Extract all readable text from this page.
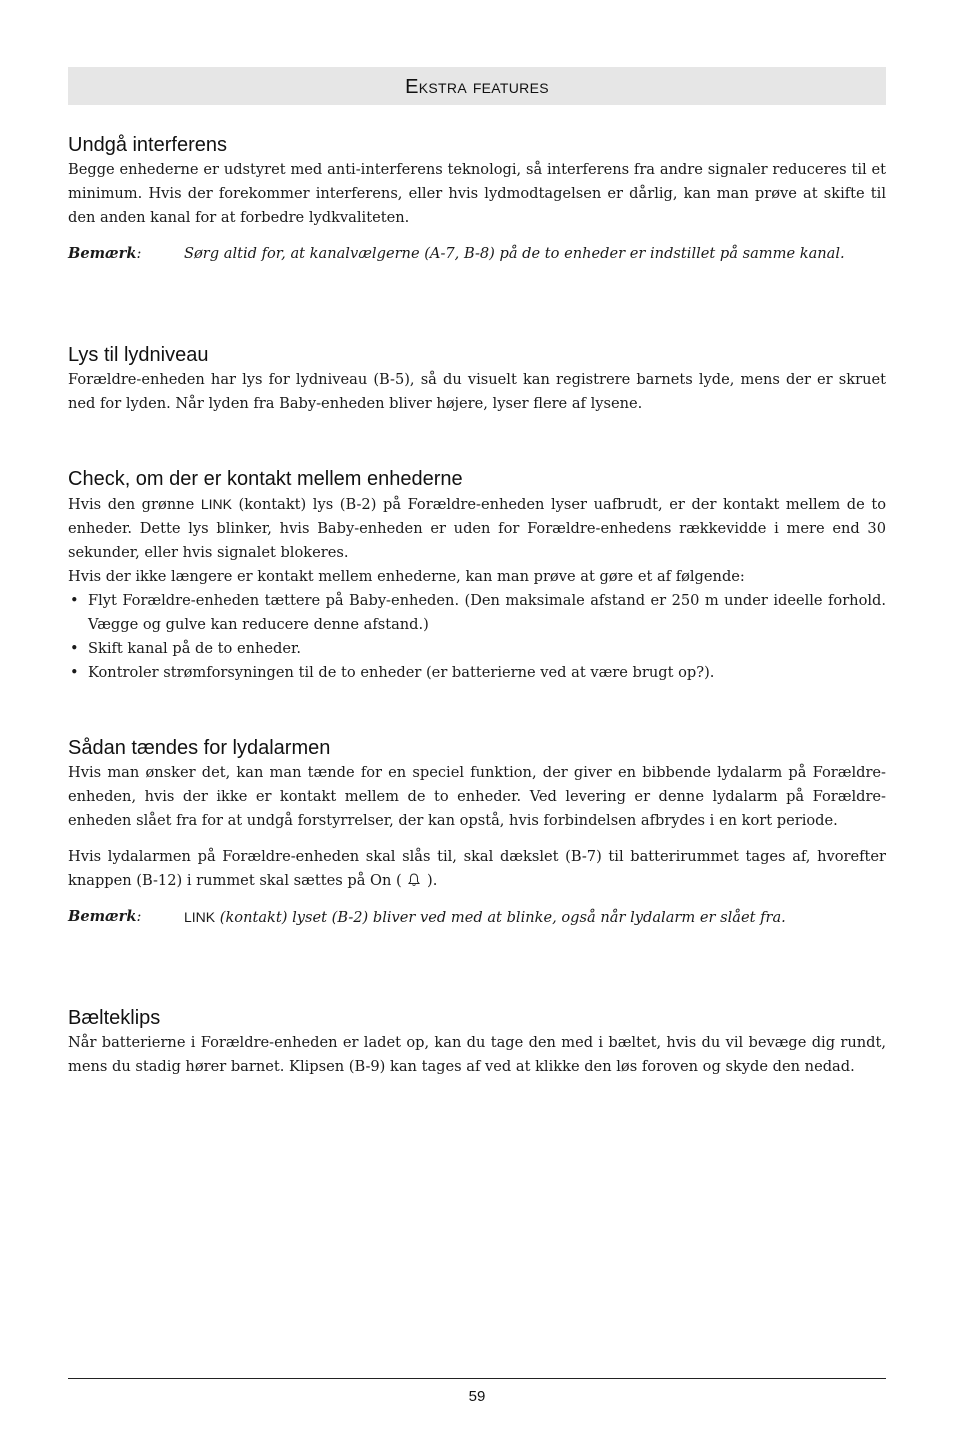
Ekstra features
Undgå interferens

Begge enhederne er udstyret med anti-interferens teknologi, så interferens fra andre signaler reduceres til et minimum. Hvis der forekommer interferens, eller hvis lydmodtagelsen er dårlig, kan man prøve at skifte til den anden kanal for at forbedre lydkvaliteten.

Bemærk:	Sørg altid for, at kanalvælgerne (A-7, B-8) på de to enheder er indstillet på samme kanal.
Lys til lydniveau

Forældre-enheden har lys for lydniveau (B-5), så du visuelt kan registrere barnets lyde, mens der er skruet ned for lyden. Når lyden fra Baby-enheden bliver højere, lyser flere af lysene.

Check, om der er kontakt mellem enhederne

Hvis den grønne LINK (kontakt) lys (B-2) på Forældre-enheden lyser uafbrudt, er der kontakt mellem de to enheder. Dette lys blinker, hvis Baby-enheden er uden for Forældre-enhedens rækkevidde i mere end 30 sekunder, eller hvis signalet blokeres.

Hvis der ikke længere er kontakt mellem enhederne, kan man prøve at gøre et af følgende:

• Flyt Forældre-enheden tættere på Baby-enheden. (Den maksimale afstand er 250 m under ideelle forhold. Vægge og gulve kan reducere denne afstand.)
• Skift kanal på de to enheder.
• Kontroler strømforsyningen til de to enheder (er batterierne ved at være brugt op?).
Sådan tændes for lydalarmen

Hvis man ønsker det, kan man tænde for en speciel funktion, der giver en bibbende lydalarm på Forældre-enheden, hvis der ikke er kontakt mellem de to enheder. Ved levering er denne lydalarm på Forældre-enheden slået fra for at undgå forstyrrelser, der kan opstå, hvis forbindelsen afbrydes i en kort periode.

Hvis lydalarmen på Forældre-enheden skal slås til, skal dækslet (B-7) til batterirummet tages af, hvorefter knappen (B-12) i rummet skal sættes på On ( ).

Bemærk:	LINK (kontakt) lyset (B-2) bliver ved med at blinke, også når lydalarm er slået fra.
Bælteklips

Når batterierne i Forældre-enheden er ladet op, kan du tage den med i bæltet, hvis du vil bevæge dig rundt, mens du stadig hører barnet. Klipsen (B-9) kan tages af ved at klikke den løs foroven og skyde den nedad.

59
